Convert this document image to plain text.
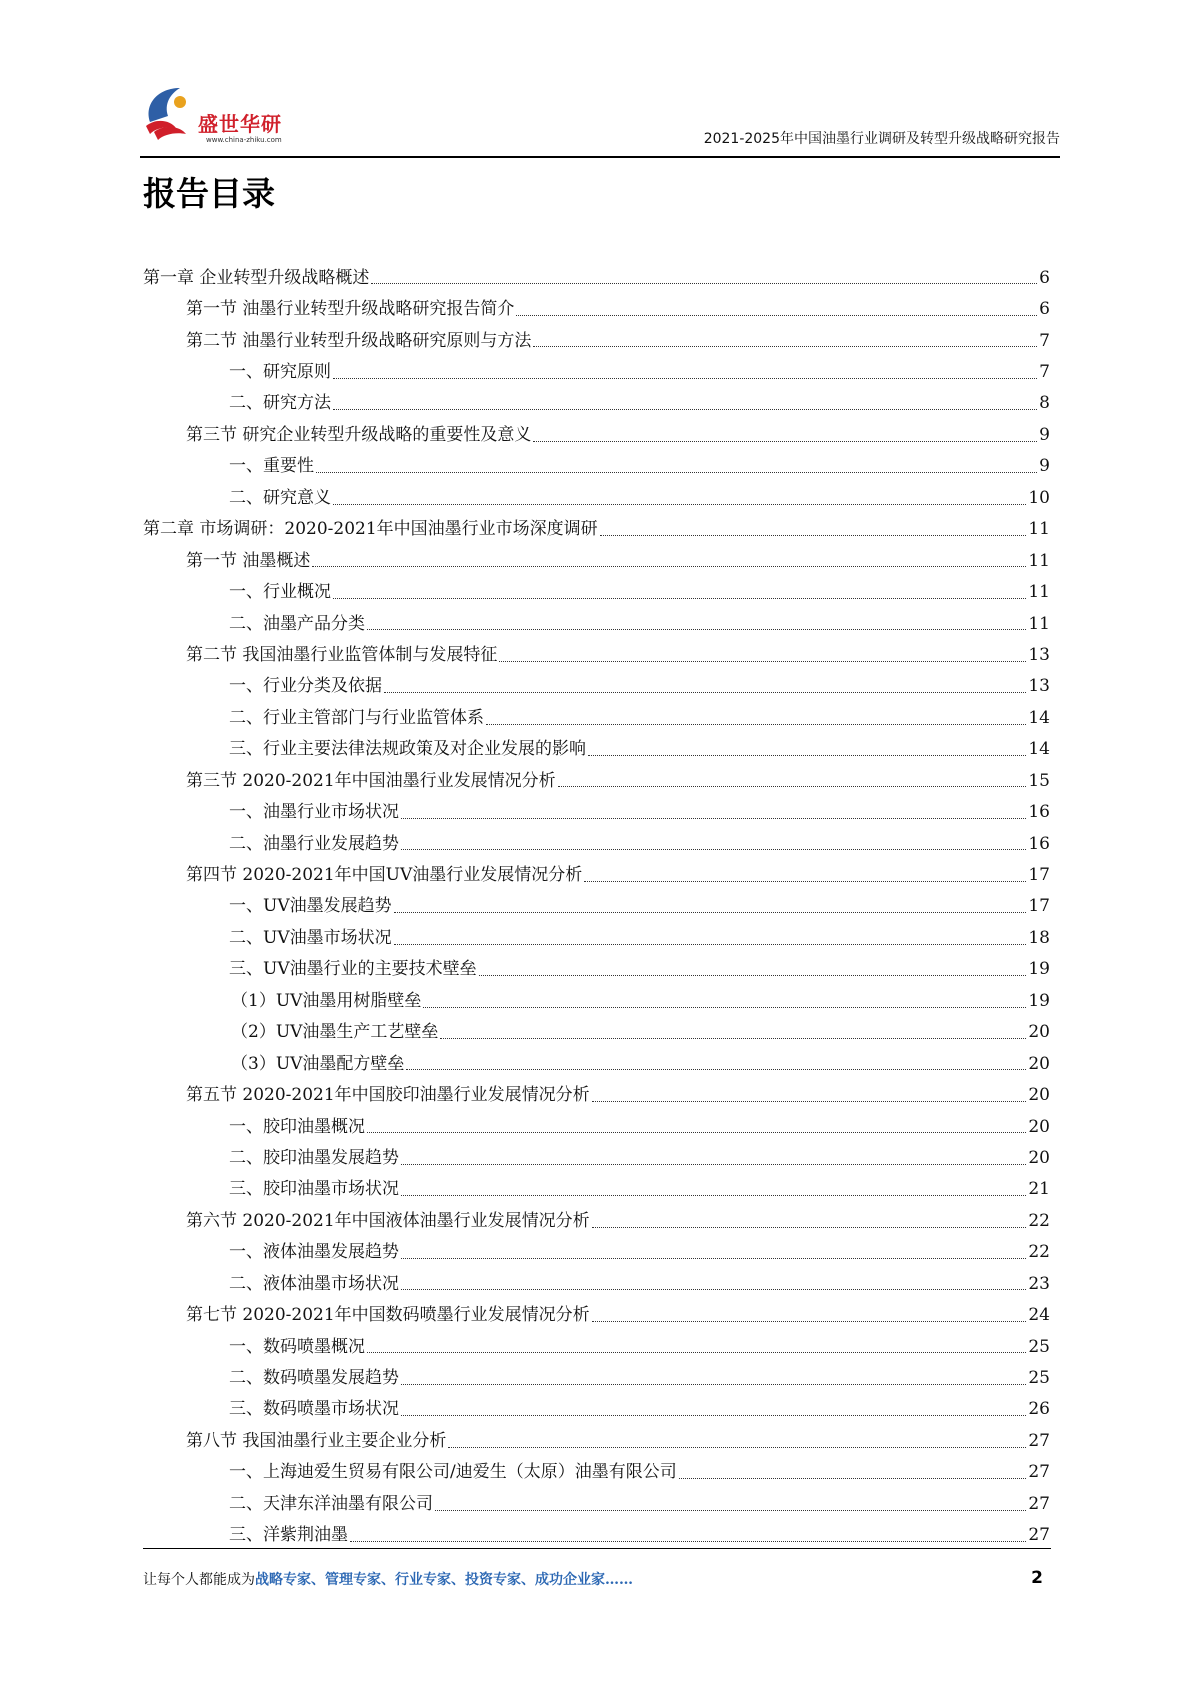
盛世华研
www.china-zhiku.com	2021-2025年中国油墨行业调研及转型升级战略研究报告
报告目录
第一章 企业转型升级战略概述	6
第一节 油墨行业转型升级战略研究报告简介	6
第二节 油墨行业转型升级战略研究原则与方法	7
一、研究原则	7
二、研究方法	8
第三节 研究企业转型升级战略的重要性及意义	9
一、重要性	9
二、研究意义	10
第二章 市场调研：2020-2021年中国油墨行业市场深度调研	11
第一节 油墨概述	11
一、行业概况	11
二、油墨产品分类	11
第二节 我国油墨行业监管体制与发展特征	13
一、行业分类及依据	13
二、行业主管部门与行业监管体系	14
三、行业主要法律法规政策及对企业发展的影响	14
第三节 2020-2021年中国油墨行业发展情况分析	15
一、油墨行业市场状况	16
二、油墨行业发展趋势	16
第四节 2020-2021年中国UV油墨行业发展情况分析	17
一、UV油墨发展趋势	17
二、UV油墨市场状况	18
三、UV油墨行业的主要技术壁垒	19
（1）UV油墨用树脂壁垒	19
（2）UV油墨生产工艺壁垒	20
（3）UV油墨配方壁垒	20
第五节 2020-2021年中国胶印油墨行业发展情况分析	20
一、胶印油墨概况	20
二、胶印油墨发展趋势	20
三、胶印油墨市场状况	21
第六节 2020-2021年中国液体油墨行业发展情况分析	22
一、液体油墨发展趋势	22
二、液体油墨市场状况	23
第七节 2020-2021年中国数码喷墨行业发展情况分析	24
一、数码喷墨概况	25
二、数码喷墨发展趋势	25
三、数码喷墨市场状况	26
第八节 我国油墨行业主要企业分析	27
一、上海迪爱生贸易有限公司/迪爱生（太原）油墨有限公司	27
二、天津东洋油墨有限公司	27
三、洋紫荆油墨	27
让每个人都能成为战略专家、管理专家、行业专家、投资专家、成功企业家……	2
